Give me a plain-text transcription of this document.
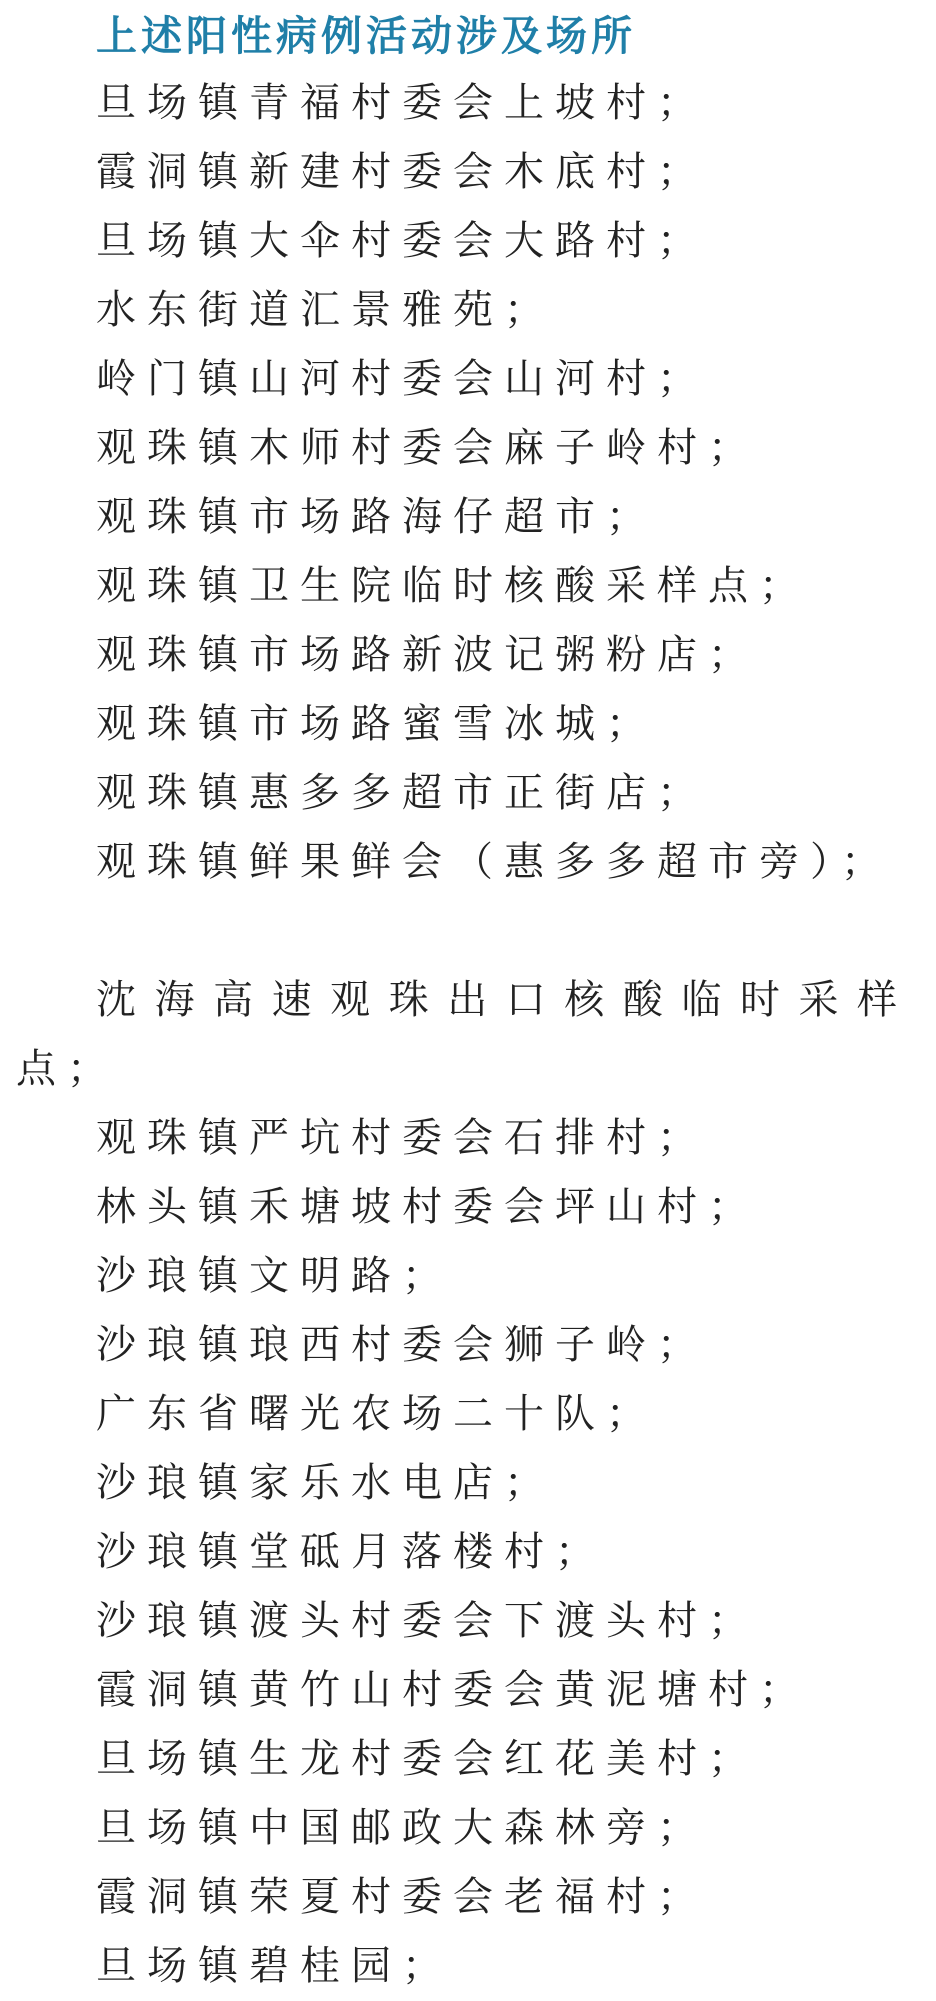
上述阳性病例活动涉及场所
旦场镇青福村委会上坡村；
霞洞镇新建村委会木底村；
旦场镇大伞村委会大路村；
水东街道汇景雅苑；
岭门镇山河村委会山河村；
观珠镇木师村委会麻子岭村；
观珠镇市场路海仔超市；
观珠镇卫生院临时核酸采样点；
观珠镇市场路新波记粥粉店；
观珠镇市场路蜜雪冰城；
观珠镇惠多多超市正街店；
观珠镇鲜果鲜会（惠多多超市旁）；
沈海高速观珠出口核酸临时采样点；
观珠镇严坑村委会石排村；
林头镇禾塘坡村委会坪山村；
沙琅镇文明路；
沙琅镇琅西村委会狮子岭；
广东省曙光农场二十队；
沙琅镇家乐水电店；
沙琅镇堂砥月落楼村；
沙琅镇渡头村委会下渡头村；
霞洞镇黄竹山村委会黄泥塘村；
旦场镇生龙村委会红花美村；
旦场镇中国邮政大森林旁；
霞洞镇荣夏村委会老福村；
旦场镇碧桂园；
